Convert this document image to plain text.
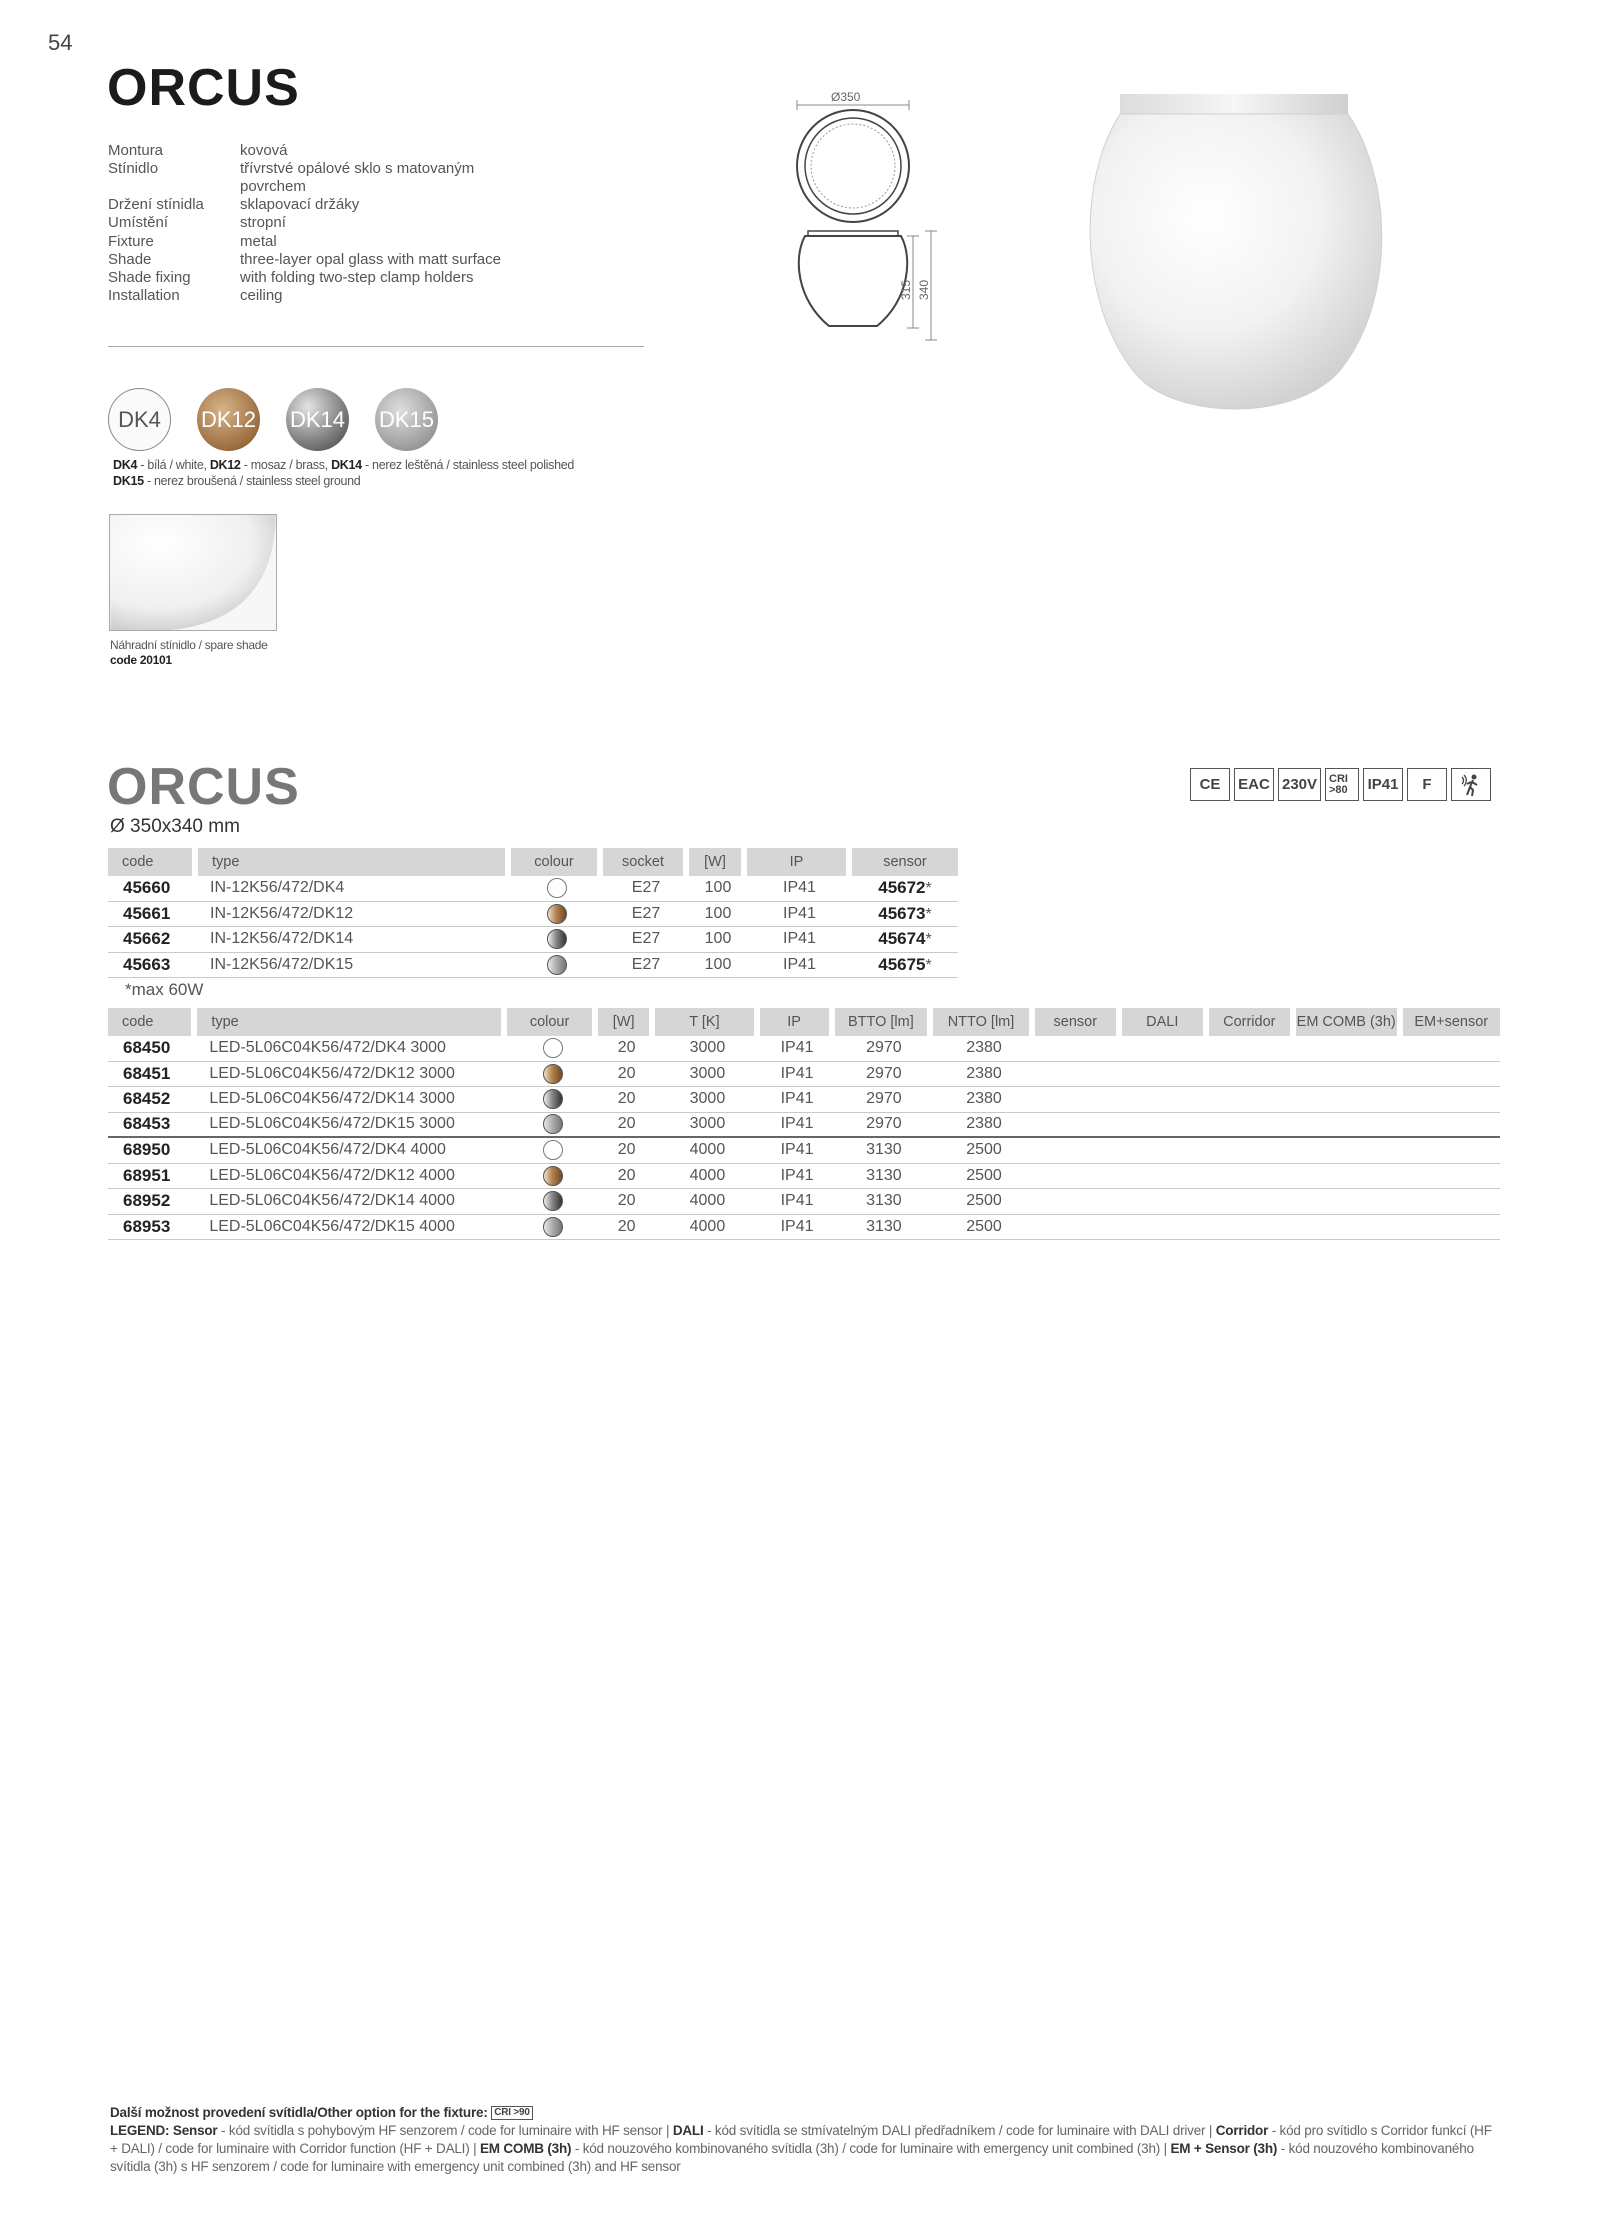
54
ORCUS
Montura	kovová
Stínidlo	třívrstvé opálové sklo s matovaným povrchem
Držení stínidla	sklapovací držáky
Umístění	stropní
Fixture	metal
Shade	three-layer opal glass with matt surface
Shade fixing	with folding two-step clamp holders
Installation	ceiling
Ø350
315 340
DK4	DK12 DK14 DK15
DK4 - bílá / white, DK12 - mosaz / brass, DK14 - nerez leštěná / stainless steel polished
DK15 - nerez broušená / stainless steel ground
Náhradní stínidlo / spare shade
code 20101
ORCUS
Ø 350x340 mm
CE	EAC 230V	CRI >80	IP41	F
code	type	colour	socket	[W]	IP	sensor
45660	IN-12K56/472/DK4		E27	100	IP41	45672*
45661	IN-12K56/472/DK12		E27	100	IP41	45673*
45662	IN-12K56/472/DK14		E27	100	IP41	45674*
45663	IN-12K56/472/DK15		E27	100	IP41	45675*
*max 60W
code	type	colour	[W]	T [K]	IP	BTTO [lm]	NTTO [lm]	sensor	DALI	Corridor	EM COMB (3h)	EM+sensor
68450	LED-5L06C04K56/472/DK4 3000		20	3000	IP41	2970	2380					
68451	LED-5L06C04K56/472/DK12 3000		20	3000	IP41	2970	2380					
68452	LED-5L06C04K56/472/DK14 3000		20	3000	IP41	2970	2380					
68453	LED-5L06C04K56/472/DK15 3000		20	3000	IP41	2970	2380					
68950	LED-5L06C04K56/472/DK4 4000		20	4000	IP41	3130	2500					
68951	LED-5L06C04K56/472/DK12 4000		20	4000	IP41	3130	2500					
68952	LED-5L06C04K56/472/DK14 4000		20	4000	IP41	3130	2500					
68953	LED-5L06C04K56/472/DK15 4000		20	4000	IP41	3130	2500					
Další možnost provedení svítidla/Other option for the fixture: CRI >90
LEGEND: Sensor - kód svítidla s pohybovým HF senzorem / code for luminaire with HF sensor | DALI - kód svítidla se stmívatelným DALI předřadníkem / code for luminaire with DALI driver | Corridor - kód pro svítidlo s Corridor funkcí (HF + DALI) / code for luminaire with Corridor function (HF + DALI) | EM COMB (3h) - kód nouzového kombinovaného svítidla (3h) / code for luminaire with emergency unit combined (3h) | EM + Sensor (3h) - kód nouzového kombinovaného svítidla (3h) s HF senzorem / code for luminaire with emergency unit combined (3h) and HF sensor
